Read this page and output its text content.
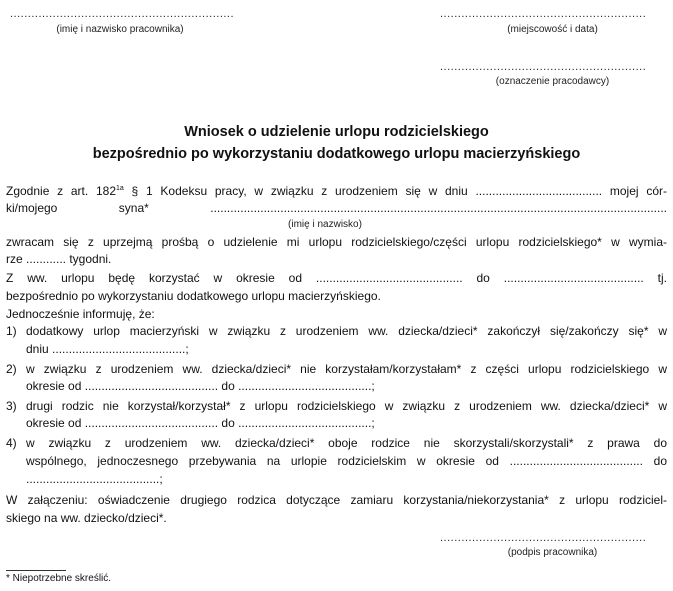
...............................................................
(imię i nazwisko pracownika)
..........................................................
(miejscowość i data)
..........................................................
(oznaczenie pracodawcy)
Wniosek o udzielenie urlopu rodzicielskiego
bezpośrednio po wykorzystaniu dodatkowego urlopu macierzyńskiego
Zgodnie z art. $182^{1a}$ § 1 Kodeksu pracy, w związku z urodzeniem się w dniu ...................................... mojej cór-
ki/mojego syna* .........................................................................................................................................
(imię i nazwisko)
zwracam się z uprzejmą prośbą o udzielenie mi urlopu rodzicielskiego/części urlopu rodzicielskiego* w wymia-
rze ............ tygodni.
Z ww. urlopu będę korzystać w okresie od ............................................ do .......................................... tj.
bezpośrednio po wykorzystaniu dodatkowego urlopu macierzyńskiego.
Jednocześnie informuję, że:
1) dodatkowy urlop macierzyński w związku z urodzeniem ww. dziecka/dzieci* zakończył się/zakończy się* w
dniu ........................................;
2) w związku z urodzeniem ww. dziecka/dzieci* nie korzystałam/korzystałam* z części urlopu rodzicielskiego w
okresie od ........................................ do ........................................;
3) drugi rodzic nie korzystał/korzystał* z urlopu rodzicielskiego w związku z urodzeniem ww. dziecka/dzieci* w
okresie od ........................................ do ........................................;
4) w związku z urodzeniem ww. dziecka/dzieci* oboje rodzice nie skorzystali/skorzystali* z prawa do
wspólnego, jednoczesnego przebywania na urlopie rodzicielskim w okresie od ........................................ do
........................................;
W załączeniu: oświadczenie drugiego rodzica dotyczące zamiaru korzystania/niekorzystania* z urlopu rodziciel-
skiego na ww. dziecko/dzieci*.
..........................................................
(podpis pracownika)
* Niepotrzebne skreślić.
